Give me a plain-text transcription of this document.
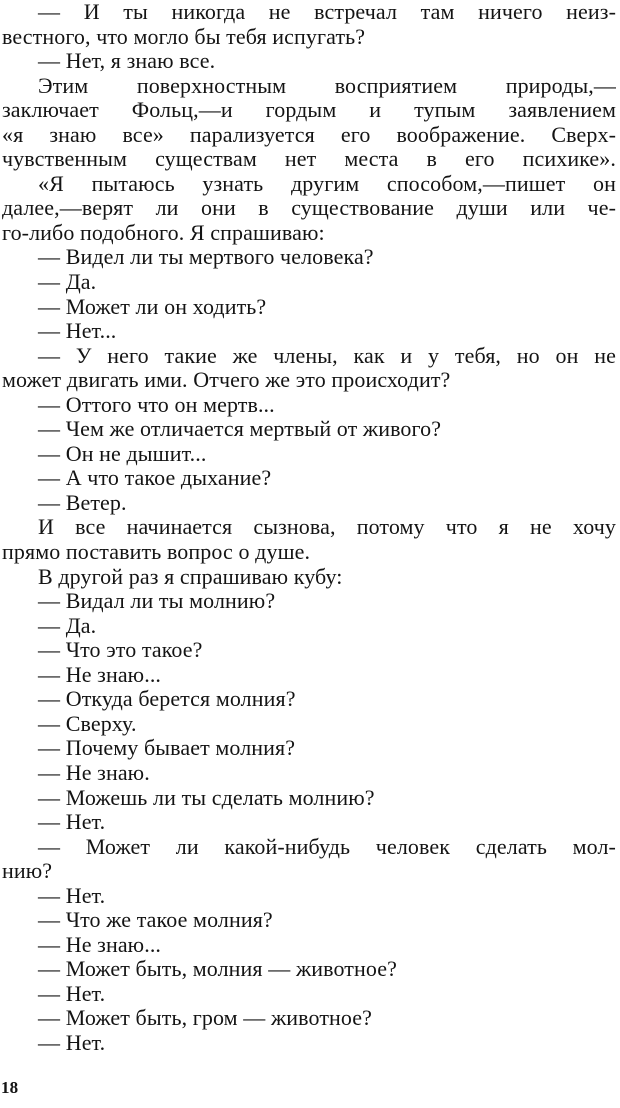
— И ты никогда не встречал там ничего неиз-
вестного, что могло бы тебя испугать?
— Нет, я знаю все.
Этим поверхностным восприятием природы,—
заключает Фольц,—и гордым и тупым заявлением
«я знаю все» парализуется его воображение. Сверх-
чувственным существам нет места в его психике».
«Я пытаюсь узнать другим способом,—пишет он
далее,—верят ли они в существование души или че-
го-либо подобного. Я спрашиваю:
— Видел ли ты мертвого человека?
— Да.
— Может ли он ходить?
— Нет...
— У него такие же члены, как и у тебя, но он не
может двигать ими. Отчего же это происходит?
— Оттого что он мертв...
— Чем же отличается мертвый от живого?
— Он не дышит...
— А что такое дыхание?
— Ветер.
И все начинается сызнова, потому что я не хочу
прямо поставить вопрос о душе.
В другой раз я спрашиваю кубу:
— Видал ли ты молнию?
— Да.
— Что это такое?
— Не знаю...
— Откуда берется молния?
— Сверху.
— Почему бывает молния?
— Не знаю.
— Можешь ли ты сделать молнию?
— Нет.
— Может ли какой-нибудь человек сделать мол-
нию?
— Нет.
— Что же такое молния?
— Не знаю...
— Может быть, молния — животное?
— Нет.
— Может быть, гром — животное?
— Нет.
18
